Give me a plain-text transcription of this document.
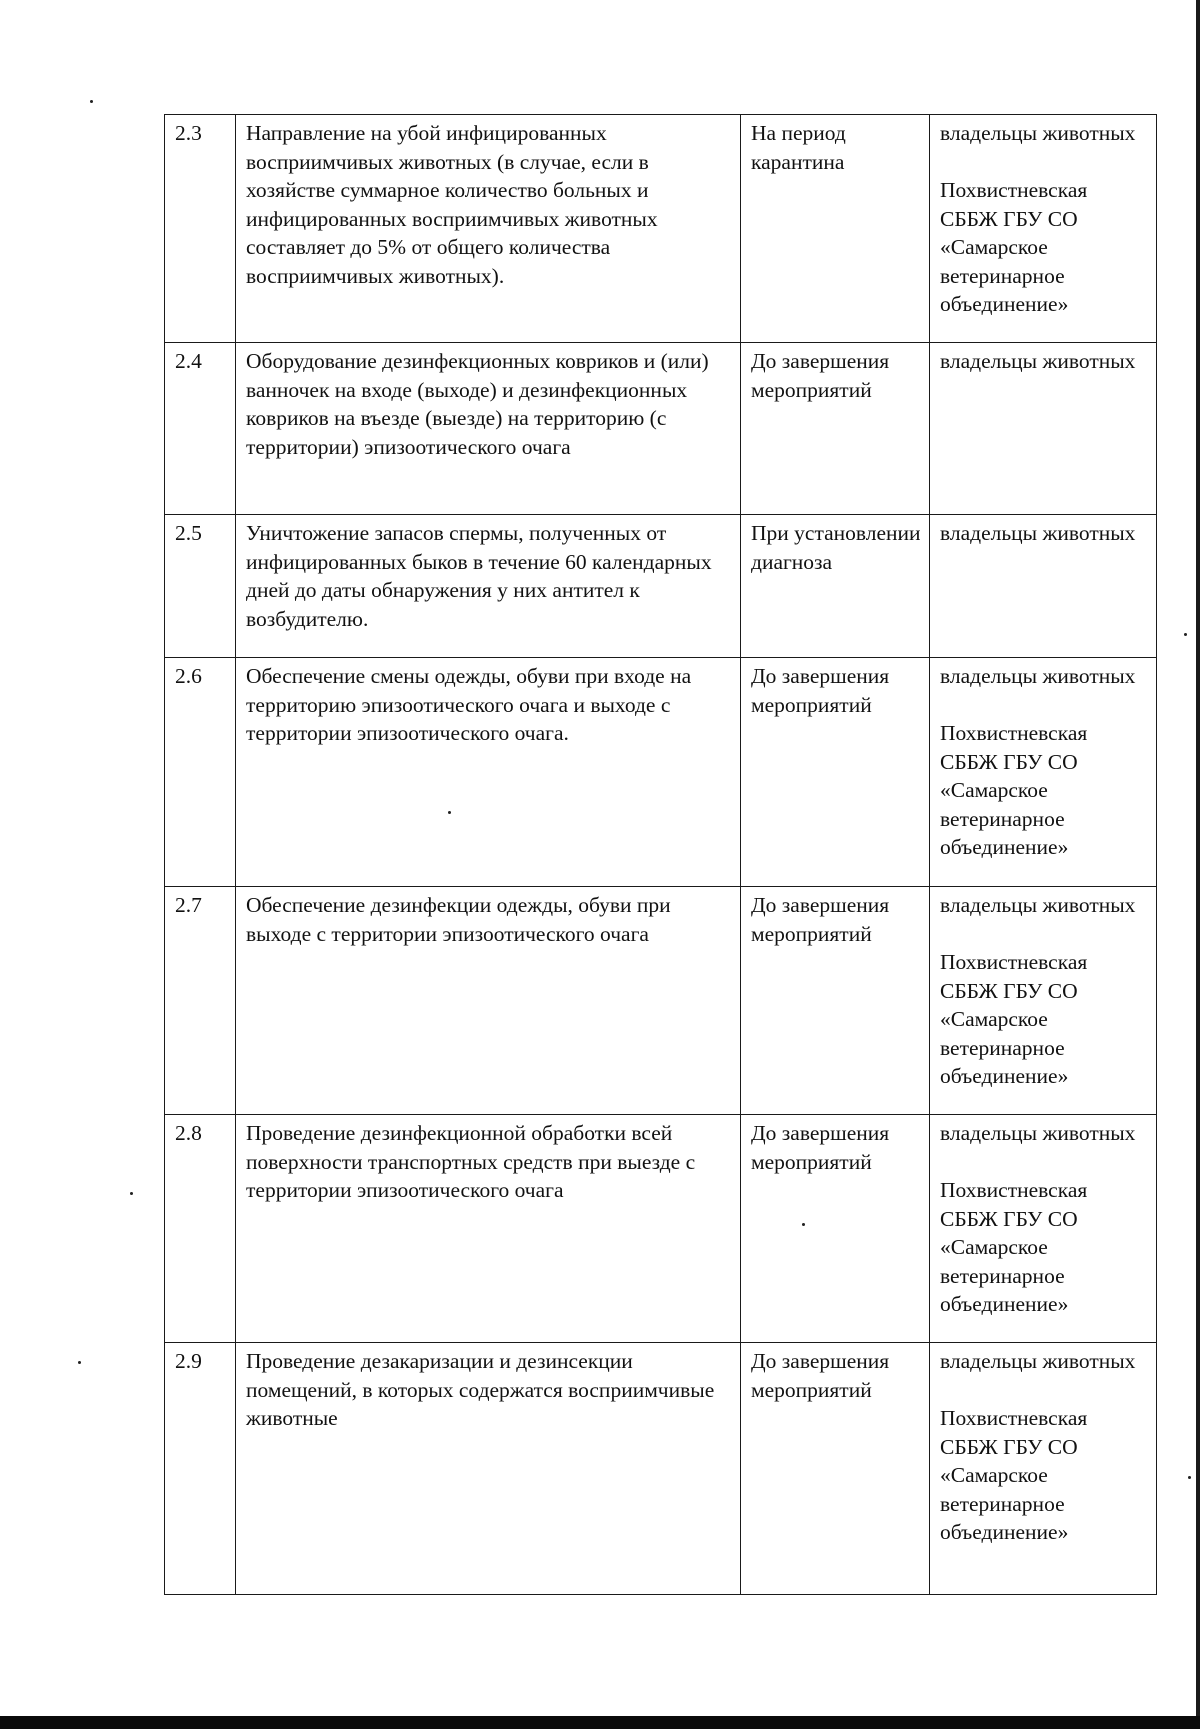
2.3	Направление на убой инфицированных восприимчивых животных (в случае, если в хозяйстве суммарное количество больных и инфицированных восприимчивых животных составляет до 5% от общего количества восприимчивых животных).	На период карантина	владельцы животных
Похвистневская СББЖ ГБУ СО «Самарское ветеринарное объединение»

2.4	Оборудование дезинфекционных ковриков и (или) ванночек на входе (выходе) и дезинфекционных ковриков на въезде (выезде) на территорию (с территории) эпизоотического очага	До завершения мероприятий	владельцы животных

2.5	Уничтожение запасов спермы, полученных от инфицированных быков в течение 60 календарных дней до даты обнаружения у них антител к возбудителю.	При установлении диагноза	владельцы животных

2.6	Обеспечение смены одежды, обуви при входе на территорию эпизоотического очага и выходе с территории эпизоотического очага.	До завершения мероприятий	владельцы животных
Похвистневская СББЖ ГБУ СО «Самарское ветеринарное объединение»

2.7	Обеспечение дезинфекции одежды, обуви при выходе с территории эпизоотического очага	До завершения мероприятий	владельцы животных
Похвистневская СББЖ ГБУ СО «Самарское ветеринарное объединение»

2.8	Проведение дезинфекционной обработки всей поверхности транспортных средств при выезде с территории эпизоотического очага	До завершения мероприятий	владельцы животных
Похвистневская СББЖ ГБУ СО «Самарское ветеринарное объединение»

2.9	Проведение дезакаризации и дезинсекции помещений, в которых содержатся восприимчивые животные	До завершения мероприятий	владельцы животных
Похвистневская СББЖ ГБУ СО «Самарское ветеринарное объединение»
